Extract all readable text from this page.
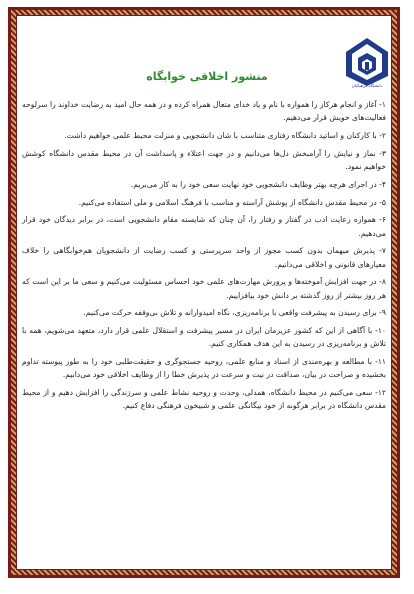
دانشگاه فرهنگیان
منشور اخلاقی خوابگاه

۱- آغاز و انجام هرکار را همواره با نام و یاد خدای متعال همراه کرده و در همه حال امید به رضایت خداوند را سرلوحه فعالیت‌های خویش قرار می‌دهیم.

۲- با کارکنان و اساتید دانشگاه رفتاری متناسب با شان دانشجویی و منزلت محیط علمی خواهیم داشت.

۳- نماز و نیایش را آرامبخش دل‌ها می‌دانیم و در جهت اعتلاء و پاسداشت آن در محیط مقدس دانشگاه کوشش خواهیم نمود.

۴- در اجرای هرچه بهتر وظایف دانشجویی خود نهایت سعی خود را به کار می‌بریم.

۵- در محیط مقدس دانشگاه از پوشش آراسته و مناسب با فرهنگ اسلامی و ملی استفاده می‌کنیم.

۶- همواره رعایت ادب در گفتار و رفتار را، آن چنان که شایسته مقام دانشجویی است، در برابر دیدگان خود قرار می‌دهیم.

۷- پذیرش میهمان بدون کسب مجوز از واحد سرپرستی و کسب رضایت از دانشجویان هم‌خوابگاهی را خلاف معیارهای قانونی و اخلاقی می‌دانیم.

۸- در جهت افزایش آموخته‌ها و پرورش مهارت‌های علمی خود احساس مسئولیت می‌کنیم و سعی ما بر این است که هر روز بیشتر از روز گذشته بر دانش خود بیافزاییم.

۹- برای رسیدن به پیشرفت واقعی با برنامه‌ریزی، نگاه امیدوارانه و تلاش بی‌وقفه حرکت می‌کنیم.

۱۰- با آگاهی از این که کشور عزیزمان ایران در مسیر پیشرفت و استقلال علمی قرار دارد، متعهد می‌شویم، همه با تلاش و برنامه‌ریزی در رسیدن به این هدف همکاری کنیم.

۱۱- با مطالعه و بهره‌مندی از اسناد و منابع علمی، روحیه جستجوگری و حقیقت‌طلبی خود را به طور پیوسته تداوم بخشیده و صراحت در بیان، صداقت در نیت و سرعت در پذیرش خطا را از وظایف اخلاقی خود می‌دانیم.

۱۲- سعی می‌کنیم در محیط دانشگاه، همدلی، وحدت و روحیه نشاط علمی و سرزندگی را افزایش دهیم و از محیط مقدس دانشگاه در برابر هرگونه از خود بیگانگی علمی و شبیخون فرهنگی دفاع کنیم.
